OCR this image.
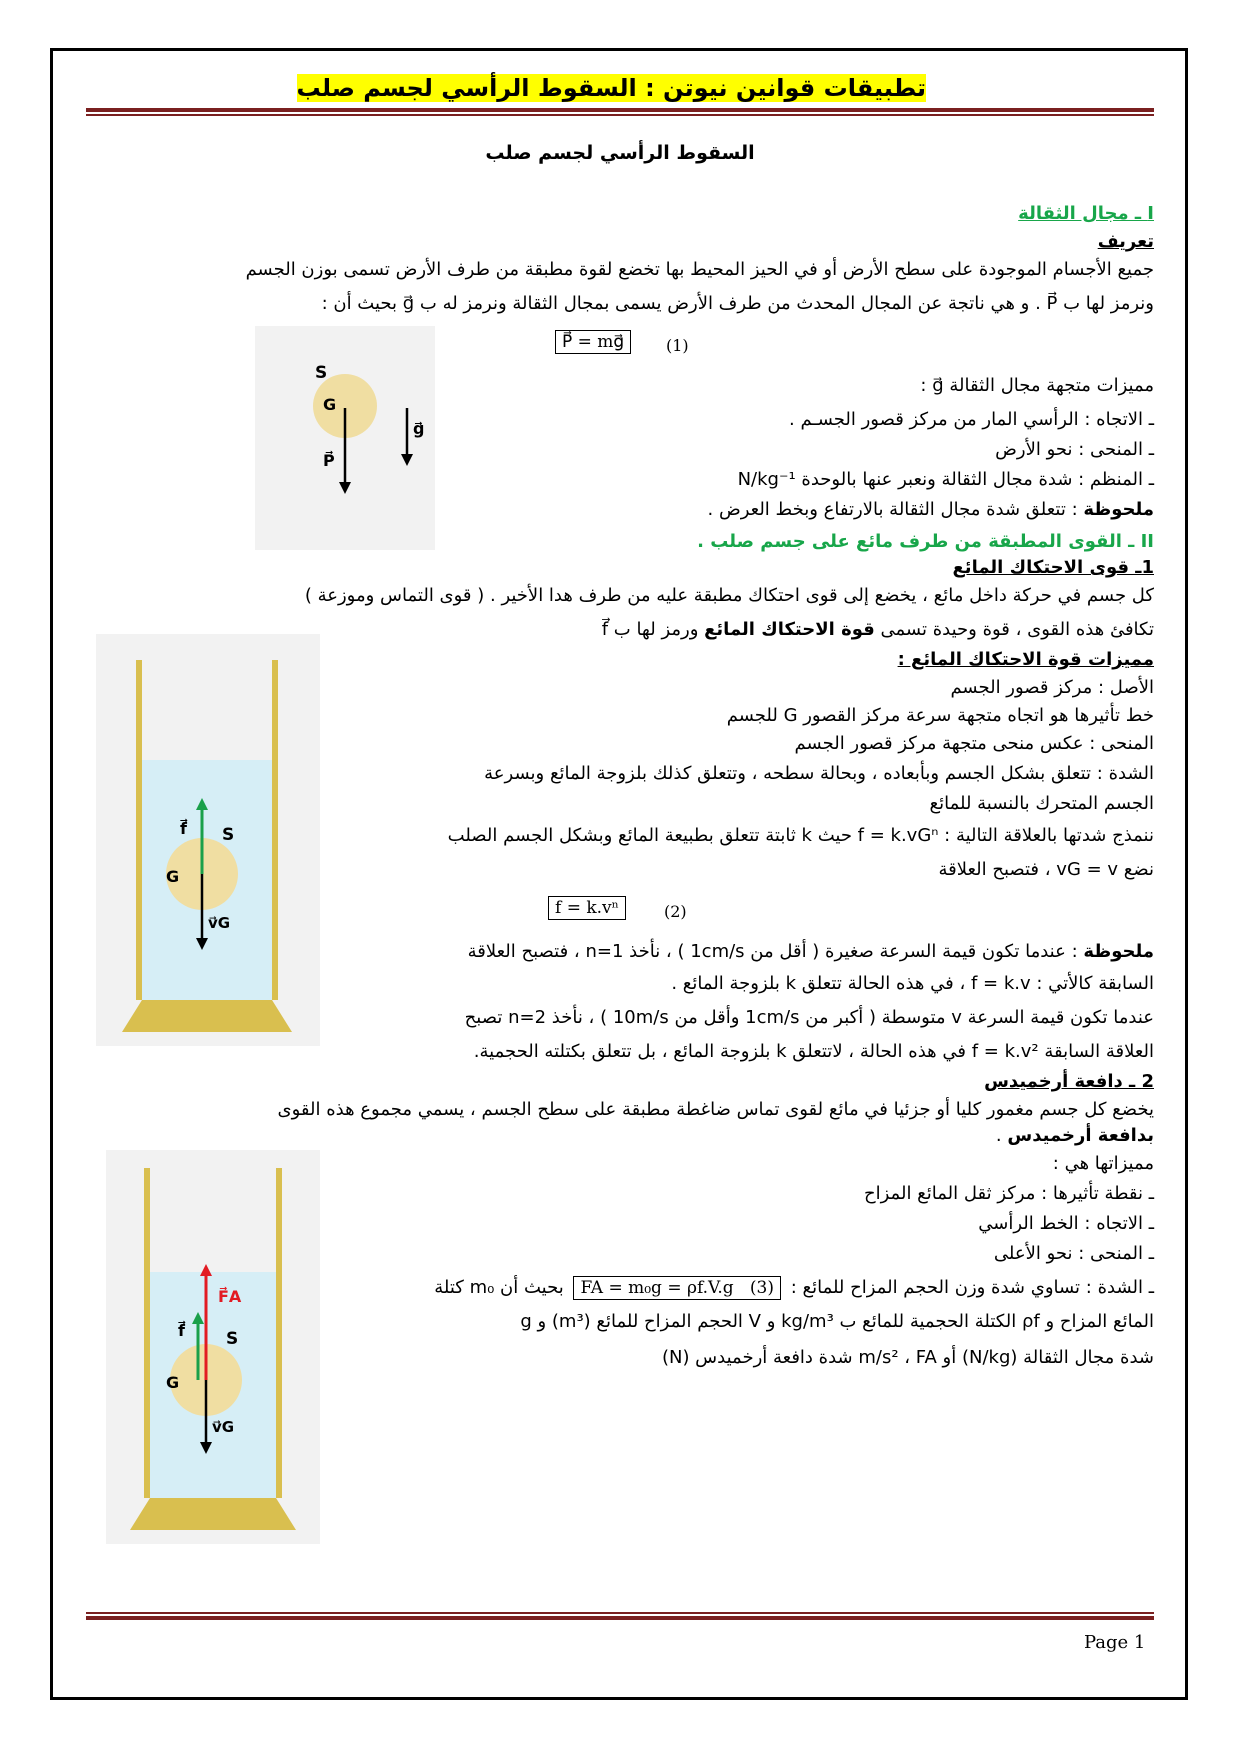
تطبيقات قوانين نيوتن : السقوط الرأسي لجسم صلب
السقوط الرأسي لجسم صلب
I ـ مجال الثقالة
تعريف
جميع الأجسام الموجودة على سطح الأرض أو في الحيز المحيط بها تخضع لقوة مطبقة من طرف الأرض تسمى بوزن الجسم
ونرمز لها ب P⃗ . و هي ناتجة عن المجال المحدث من طرف الأرض يسمى بمجال الثقالة ونرمز له ب g⃗ بحيث أن :
P⃗ = mg⃗	(1)
مميزات متجهة مجال الثقالة g⃗ :
ـ الاتجاه : الرأسي المار من مركز قصور الجسـم .
ـ المنحى : نحو الأرض
ـ المنظم : شدة مجال الثقالة ونعبر عنها بالوحدة N/kg⁻¹
ملحوظة : تتعلق شدة مجال الثقالة بالارتفاع وبخط العرض .
S
G
P⃗
g⃗
II ـ القوى المطبقة من طرف مائع على جسم صلب .
1ـ قوى الاحتكاك المائع
كل جسم في حركة داخل مائع ، يخضع إلى قوى احتكاك مطبقة عليه من طرف هدا الأخير . ( قوى التماس وموزعة )
تكافئ هذه القوى ، قوة وحيدة تسمى قوة الاحتكاك المائع ورمز لها ب f⃗
مميزات قوة الاحتكاك المائع :
الأصل : مركز قصور الجسم
خط تأثيرها هو اتجاه متجهة سرعة مركز القصور G للجسم
المنحى : عكس منحى متجهة مركز قصور الجسم
الشدة : تتعلق بشكل الجسم وبأبعاده ، وبحالة سطحه ، وتتعلق كذلك بلزوجة المائع وبسرعة
الجسم المتحرك بالنسبة للمائع
ننمذج شدتها بالعلاقة التالية : f = k.vGⁿ حيث k ثابتة تتعلق بطبيعة المائع وبشكل الجسم الصلب
نضع vG = v ، فتصبح العلاقة
f = k.vⁿ	(2)
ملحوظة : عندما تكون قيمة السرعة صغيرة ( أقل من 1cm/s ) ، نأخذ n=1 ، فتصبح العلاقة
السابقة كالأتي : f = k.v ، في هذه الحالة تتعلق k بلزوجة المائع .
عندما تكون قيمة السرعة v متوسطة ( أكبر من 1cm/s وأقل من 10m/s ) ، نأخذ n=2 تصبح
العلاقة السابقة f = k.v² في هذه الحالة ، لاتتعلق k بلزوجة المائع ، بل تتعلق بكتلته الحجمية.
f⃗ S
G
v⃗G
2 ـ دافعة أرخميدس
يخضع كل جسم مغمور كليا أو جزئيا في مائع لقوى تماس ضاغطة مطبقة على سطح الجسم ، يسمي مجموع هذه القوى
بدافعة أرخميدس .
مميزاتها هي :
ـ نقطة تأثيرها : مركز ثقل المائع المزاح
ـ الاتجاه : الخط الرأسي
ـ المنحى : نحو الأعلى
ـ الشدة : تساوي شدة وزن الحجم المزاح للمائع : FA = m₀g = ρf.V.g (3) بحيث أن m₀ كتلة
المائع المزاح و ρf الكتلة الحجمية للمائع ب kg/m³ و V الحجم المزاح للمائع (m³) و g
شدة مجال الثقالة (N/kg) أو m/s² ، FA شدة دافعة أرخميدس (N)
F⃗A
f⃗ S
G
v⃗G
Page 1
